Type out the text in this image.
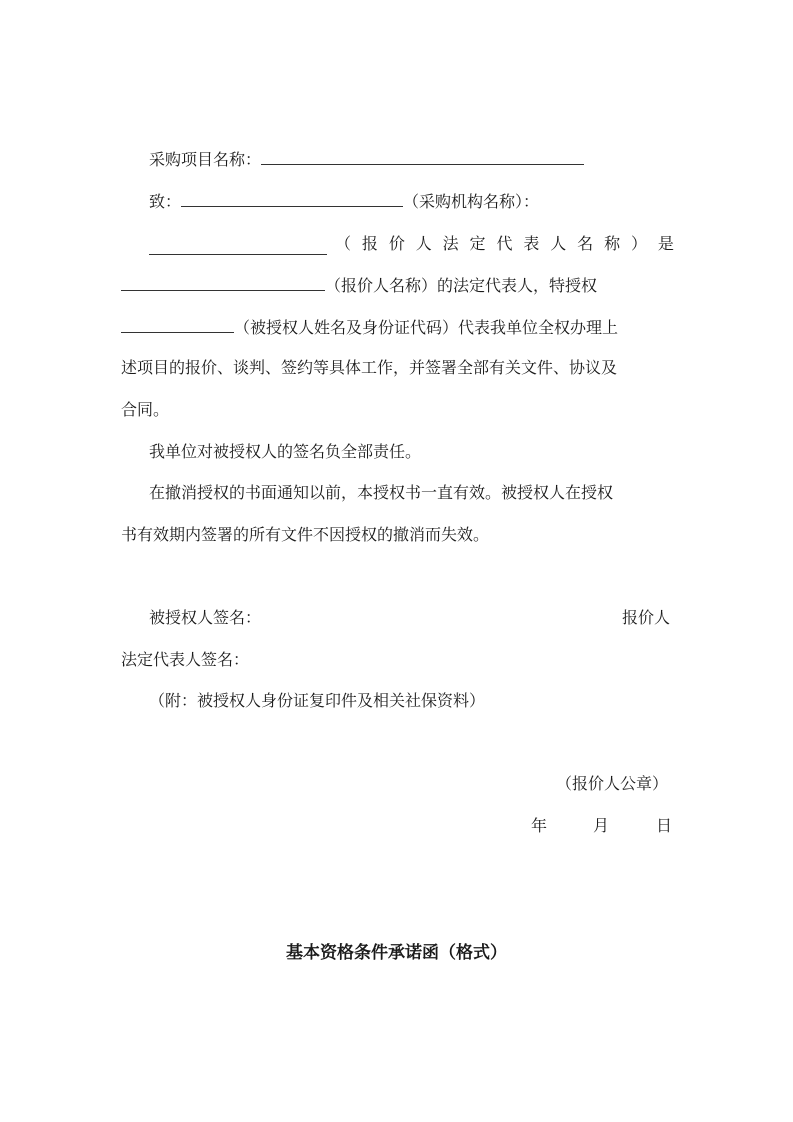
采购项目名称：
致：	（采购机构名称）：
（ 报 价 人 法 定 代 表 人 名 称 ） 是
（报价人名称）的法定代表人，特授权
（被授权人姓名及身份证代码）代表我单位全权办理上
述项目的报价、谈判、签约等具体工作，并签署全部有关文件、协议及
合同。
我单位对被授权人的签名负全部责任。
在撤消授权的书面通知以前，本授权书一直有效。被授权人在授权
书有效期内签署的所有文件不因授权的撤消而失效。
被授权人签名：	报价人
法定代表人签名：
（附：被授权人身份证复印件及相关社保资料）
（报价人公章）
年	月	日
基本资格条件承诺函（格式）
